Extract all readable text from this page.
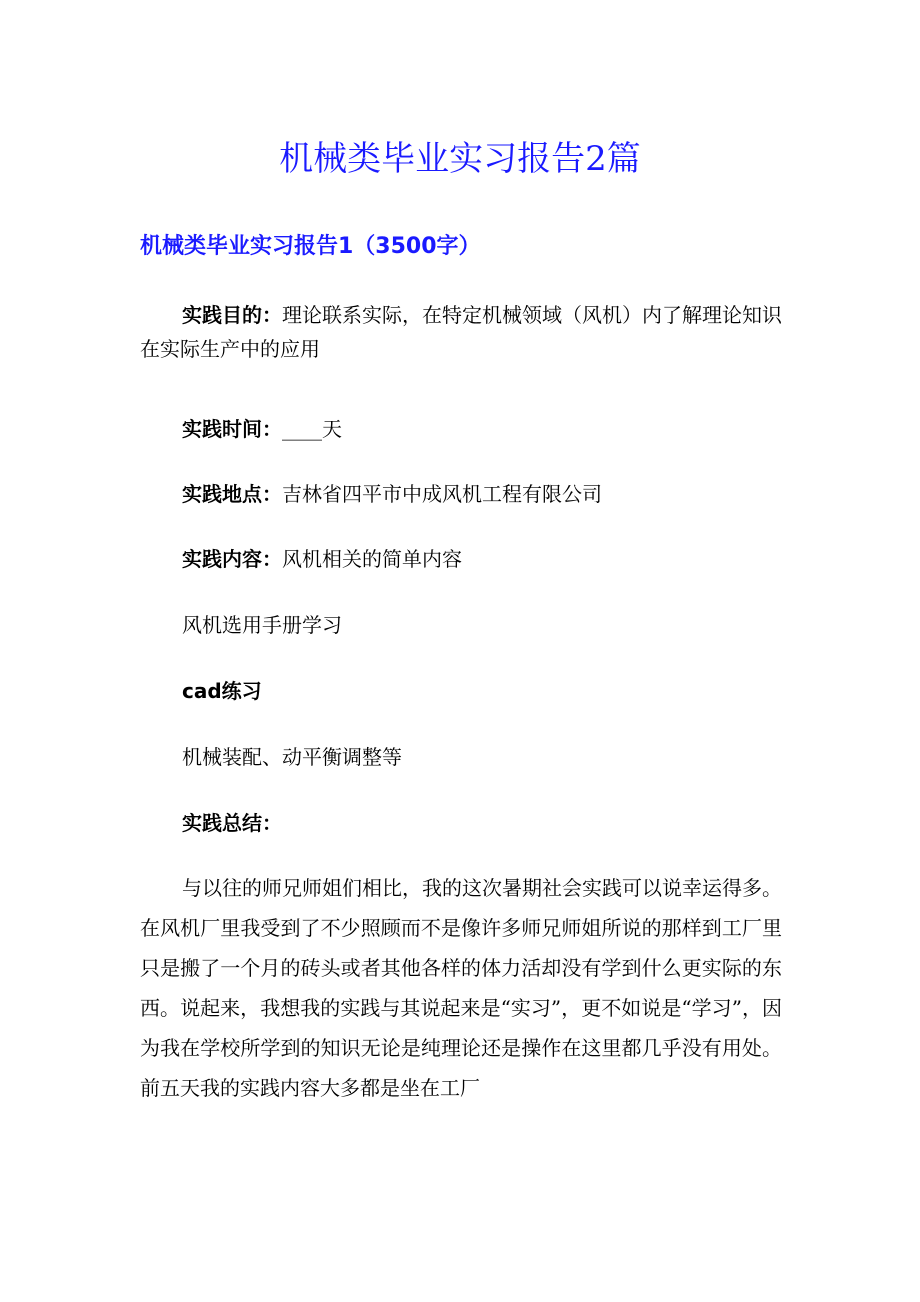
机械类毕业实习报告2篇
机械类毕业实习报告1（3500字）

实践目的：理论联系实际，在特定机械领域（风机）内了解理论知识在实际生产中的应用

实践时间：____天

实践地点：吉林省四平市中成风机工程有限公司

实践内容：风机相关的简单内容

风机选用手册学习

cad练习

机械装配、动平衡调整等

实践总结：

与以往的师兄师姐们相比，我的这次暑期社会实践可以说幸运得多。在风机厂里我受到了不少照顾而不是像许多师兄师姐所说的那样到工厂里只是搬了一个月的砖头或者其他各样的体力活却没有学到什么更实际的东西。说起来，我想我的实践与其说起来是“实习”，更不如说是“学习”，因为我在学校所学到的知识无论是纯理论还是操作在这里都几乎没有用处。前五天我的实践内容大多都是坐在工厂
